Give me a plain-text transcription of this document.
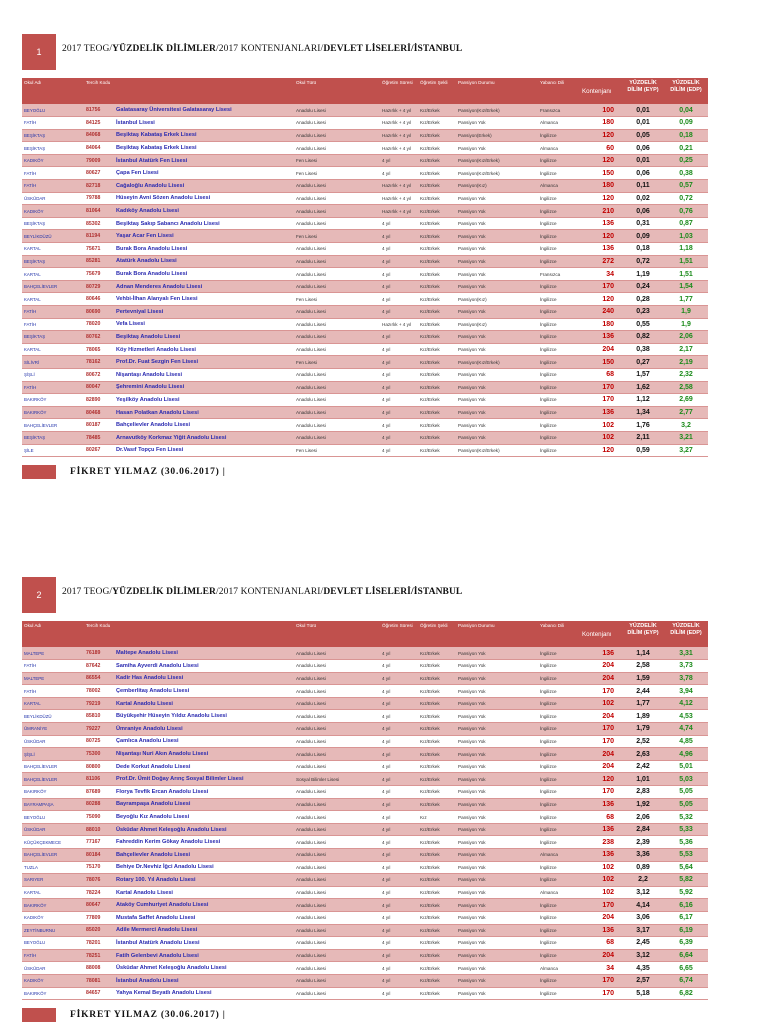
1 2017 TEOG/YÜZDELİK DİLİMLER/2017 KONTENJANLARI/DEVLET LİSELERİ/İSTANBUL
Okul Adı	Tercih Kodu		Okul Türü	Öğretim Süresi	Öğretim Şekli	Pansiyon Durumu	Yabancı Dili	Kontenjanı	YÜZDELİK DİLİM (EYP)	YÜZDELİK DİLİM (EDP)
BEYOĞLU	81756	Galatasaray Üniversitesi Galatasaray Lisesi	Anadolu Lisesi	Hazırlık + 4 yıl	Kız/Erkek	Pansiyon(Kız/Erkek)	Fransızca	100	0,01	0,04
FATİH	84125	İstanbul Lisesi	Anadolu Lisesi	Hazırlık + 4 yıl	Kız/Erkek	Pansiyon Yok	Almanca	180	0,01	0,09
BEŞİKTAŞ	84068	Beşiktaş Kabataş Erkek Lisesi	Anadolu Lisesi	Hazırlık + 4 yıl	Kız/Erkek	Pansiyon(Erkek)	İngilizce	120	0,05	0,18
BEŞİKTAŞ	84064	Beşiktaş Kabataş Erkek Lisesi	Anadolu Lisesi	Hazırlık + 4 yıl	Kız/Erkek	Pansiyon Yok	Almanca	60	0,06	0,21
KADIKÖY	79009	İstanbul Atatürk Fen Lisesi	Fen Lisesi	4 yıl	Kız/Erkek	Pansiyon(Kız/Erkek)	İngilizce	120	0,01	0,25
FATİH	80627	Çapa Fen Lisesi	Fen Lisesi	4 yıl	Kız/Erkek	Pansiyon(Kız/Erkek)	İngilizce	150	0,06	0,38
FATİH	82718	Cağaloğlu Anadolu Lisesi	Anadolu Lisesi	Hazırlık + 4 yıl	Kız/Erkek	Pansiyon(Kız)	Almanca	180	0,11	0,57
ÜSKÜDAR	79788	Hüseyin Avni Sözen Anadolu Lisesi	Anadolu Lisesi	Hazırlık + 4 yıl	Kız/Erkek	Pansiyon Yok	İngilizce	120	0,02	0,72
KADIKÖY	81064	Kadıköy Anadolu Lisesi	Anadolu Lisesi	Hazırlık + 4 yıl	Kız/Erkek	Pansiyon Yok	İngilizce	210	0,06	0,76
BEŞİKTAŞ	85302	Beşiktaş Sakıp Sabancı Anadolu Lisesi	Anadolu Lisesi	4 yıl	Kız/Erkek	Pansiyon Yok	İngilizce	136	0,31	0,87
BEYLİKDÜZÜ	81194	Yaşar Acar Fen Lisesi	Fen Lisesi	4 yıl	Kız/Erkek	Pansiyon Yok	İngilizce	120	0,09	1,03
KARTAL	75671	Burak Bora Anadolu Lisesi	Anadolu Lisesi	4 yıl	Kız/Erkek	Pansiyon Yok	İngilizce	136	0,18	1,18
BEŞİKTAŞ	85281	Atatürk Anadolu Lisesi	Anadolu Lisesi	4 yıl	Kız/Erkek	Pansiyon Yok	İngilizce	272	0,72	1,51
KARTAL	75679	Burak Bora Anadolu Lisesi	Anadolu Lisesi	4 yıl	Kız/Erkek	Pansiyon Yok	Fransızca	34	1,19	1,51
BAHÇELİEVLER	80729	Adnan Menderes Anadolu Lisesi	Anadolu Lisesi	4 yıl	Kız/Erkek	Pansiyon Yok	İngilizce	170	0,24	1,54
KARTAL	80646	Vehbi-İlhan Alanyalı Fen Lisesi	Fen Lisesi	4 yıl	Kız/Erkek	Pansiyon(Kız)	İngilizce	120	0,28	1,77
FATİH	80690	Pertevniyal Lisesi	Anadolu Lisesi	4 yıl	Kız/Erkek	Pansiyon Yok	İngilizce	240	0,23	1,9
FATİH	78020	Vefa Lisesi	Anadolu Lisesi	Hazırlık + 4 yıl	Kız/Erkek	Pansiyon(Kız)	İngilizce	180	0,55	1,9
BEŞİKTAŞ	80762	Beşiktaş Anadolu Lisesi	Anadolu Lisesi	4 yıl	Kız/Erkek	Pansiyon Yok	İngilizce	136	0,82	2,06
KARTAL	78065	Köy Hizmetleri Anadolu Lisesi	Anadolu Lisesi	4 yıl	Kız/Erkek	Pansiyon Yok	İngilizce	204	0,38	2,17
SİLİVRİ	78162	Prof.Dr. Fuat Sezgin Fen Lisesi	Fen Lisesi	4 yıl	Kız/Erkek	Pansiyon(Kız/Erkek)	İngilizce	150	0,27	2,19
ŞİŞLİ	80672	Nişantaşı Anadolu Lisesi	Anadolu Lisesi	4 yıl	Kız/Erkek	Pansiyon Yok	İngilizce	68	1,57	2,32
FATİH	80047	Şehremini Anadolu Lisesi	Anadolu Lisesi	4 yıl	Kız/Erkek	Pansiyon Yok	İngilizce	170	1,62	2,58
BAKIRKÖY	82890	Yeşilköy Anadolu Lisesi	Anadolu Lisesi	4 yıl	Kız/Erkek	Pansiyon Yok	İngilizce	170	1,12	2,69
BAKIRKÖY	80468	Hasan Polatkan Anadolu Lisesi	Anadolu Lisesi	4 yıl	Kız/Erkek	Pansiyon Yok	İngilizce	136	1,34	2,77
BAHÇELİEVLER	80187	Bahçelievler Anadolu Lisesi	Anadolu Lisesi	4 yıl	Kız/Erkek	Pansiyon Yok	İngilizce	102	1,76	3,2
BEŞİKTAŞ	78485	Arnavutköy Korkmaz Yiğit Anadolu Lisesi	Anadolu Lisesi	4 yıl	Kız/Erkek	Pansiyon Yok	İngilizce	102	2,11	3,21
ŞİLE	80267	Dr.Vasıf Topçu Fen Lisesi	Fen Lisesi	4 yıl	Kız/Erkek	Pansiyon(Kız/Erkek)	İngilizce	120	0,59	3,27
FİKRET YILMAZ (30.06.2017) |
2 2017 TEOG/YÜZDELİK DİLİMLER/2017 KONTENJANLARI/DEVLET LİSELERİ/İSTANBUL
Okul Adı	Tercih Kodu		Okul Türü	Öğretim Süresi	Öğretim Şekli	Pansiyon Durumu	Yabancı Dili	Kontenjanı	YÜZDELİK DİLİM (EYP)	YÜZDELİK DİLİM (EDP)
MALTEPE	76189	Maltepe Anadolu Lisesi	Anadolu Lisesi	4 yıl	Kız/Erkek	Pansiyon Yok	İngilizce	136	1,14	3,31
FATİH	87642	Samiha Ayverdi Anadolu Lisesi	Anadolu Lisesi	4 yıl	Kız/Erkek	Pansiyon Yok	İngilizce	204	2,58	3,73
MALTEPE	86554	Kadir Has Anadolu Lisesi	Anadolu Lisesi	4 yıl	Kız/Erkek	Pansiyon Yok	İngilizce	204	1,59	3,78
FATİH	78002	Çemberlitaş Anadolu Lisesi	Anadolu Lisesi	4 yıl	Kız/Erkek	Pansiyon Yok	İngilizce	170	2,44	3,94
KARTAL	79219	Kartal Anadolu Lisesi	Anadolu Lisesi	4 yıl	Kız/Erkek	Pansiyon Yok	İngilizce	102	1,77	4,12
BEYLİKDÜZÜ	85810	Büyükşehir Hüseyin Yıldız Anadolu Lisesi	Anadolu Lisesi	4 yıl	Kız/Erkek	Pansiyon Yok	İngilizce	204	1,89	4,53
ÜMRANİYE	79227	Ümraniye Anadolu Lisesi	Anadolu Lisesi	4 yıl	Kız/Erkek	Pansiyon Yok	İngilizce	170	1,79	4,74
ÜSKÜDAR	80725	Çamlıca Anadolu Lisesi	Anadolu Lisesi	4 yıl	Kız/Erkek	Pansiyon Yok	İngilizce	170	2,52	4,85
ŞİŞLİ	75300	Nişantaşı Nuri Akın Anadolu Lisesi	Anadolu Lisesi	4 yıl	Kız/Erkek	Pansiyon Yok	İngilizce	204	2,63	4,96
BAHÇELİEVLER	80800	Dede Korkut Anadolu Lisesi	Anadolu Lisesi	4 yıl	Kız/Erkek	Pansiyon Yok	İngilizce	204	2,42	5,01
BAHÇELİEVLER	81106	Prof.Dr. Ümit Doğay Arınç Sosyal Bilimler Lisesi	Sosyal Bilimler Lisesi	4 yıl	Kız/Erkek	Pansiyon Yok	İngilizce	120	1,01	5,03
BAKIRKÖY	87689	Florya Tevfik Ercan Anadolu Lisesi	Anadolu Lisesi	4 yıl	Kız/Erkek	Pansiyon Yok	İngilizce	170	2,83	5,05
BAYRAMPAŞA	80288	Bayrampaşa Anadolu Lisesi	Anadolu Lisesi	4 yıl	Kız/Erkek	Pansiyon Yok	İngilizce	136	1,92	5,05
BEYOĞLU	75090	Beyoğlu Kız Anadolu Lisesi	Anadolu Lisesi	4 yıl	Kız	Pansiyon Yok	İngilizce	68	2,06	5,32
ÜSKÜDAR	88010	Üsküdar Ahmet Keleşoğlu Anadolu Lisesi	Anadolu Lisesi	4 yıl	Kız/Erkek	Pansiyon Yok	İngilizce	136	2,84	5,33
KÜÇÜKÇEKMECE	77167	Fahreddin Kerim Gökay Anadolu Lisesi	Anadolu Lisesi	4 yıl	Kız/Erkek	Pansiyon Yok	İngilizce	238	2,39	5,36
BAHÇELİEVLER	80184	Bahçelievler Anadolu Lisesi	Anadolu Lisesi	4 yıl	Kız/Erkek	Pansiyon Yok	Almanca	136	3,36	5,53
TUZLA	75170	Behiye Dr.Nevhiz İğci Anadolu Lisesi	Anadolu Lisesi	4 yıl	Kız/Erkek	Pansiyon Yok	İngilizce	102	0,89	5,64
SARIYER	78076	Rotary 100. Yıl Anadolu Lisesi	Anadolu Lisesi	4 yıl	Kız/Erkek	Pansiyon Yok	İngilizce	102	2,2	5,82
KARTAL	78224	Kartal Anadolu Lisesi	Anadolu Lisesi	4 yıl	Kız/Erkek	Pansiyon Yok	Almanca	102	3,12	5,92
BAKIRKÖY	80647	Ataköy Cumhuriyet Anadolu Lisesi	Anadolu Lisesi	4 yıl	Kız/Erkek	Pansiyon Yok	İngilizce	170	4,14	6,16
KADIKÖY	77809	Mustafa Saffet Anadolu Lisesi	Anadolu Lisesi	4 yıl	Kız/Erkek	Pansiyon Yok	İngilizce	204	3,06	6,17
ZEYTİNBURNU	85020	Adile Mermerci Anadolu Lisesi	Anadolu Lisesi	4 yıl	Kız/Erkek	Pansiyon Yok	İngilizce	136	3,17	6,19
BEYOĞLU	78201	İstanbul Atatürk Anadolu Lisesi	Anadolu Lisesi	4 yıl	Kız/Erkek	Pansiyon Yok	İngilizce	68	2,45	6,39
FATİH	78251	Fatih Gelenbevi Anadolu Lisesi	Anadolu Lisesi	4 yıl	Kız/Erkek	Pansiyon Yok	İngilizce	204	3,12	6,64
ÜSKÜDAR	88008	Üsküdar Ahmet Keleşoğlu Anadolu Lisesi	Anadolu Lisesi	4 yıl	Kız/Erkek	Pansiyon Yok	Almanca	34	4,35	6,65
KADIKÖY	78081	İstanbul Anadolu Lisesi	Anadolu Lisesi	4 yıl	Kız/Erkek	Pansiyon Yok	İngilizce	170	2,57	6,74
BAKIRKÖY	84657	Yahya Kemal Beyatlı Anadolu Lisesi	Anadolu Lisesi	4 yıl	Kız/Erkek	Pansiyon Yok	İngilizce	170	5,18	6,82
FİKRET YILMAZ (30.06.2017) |
